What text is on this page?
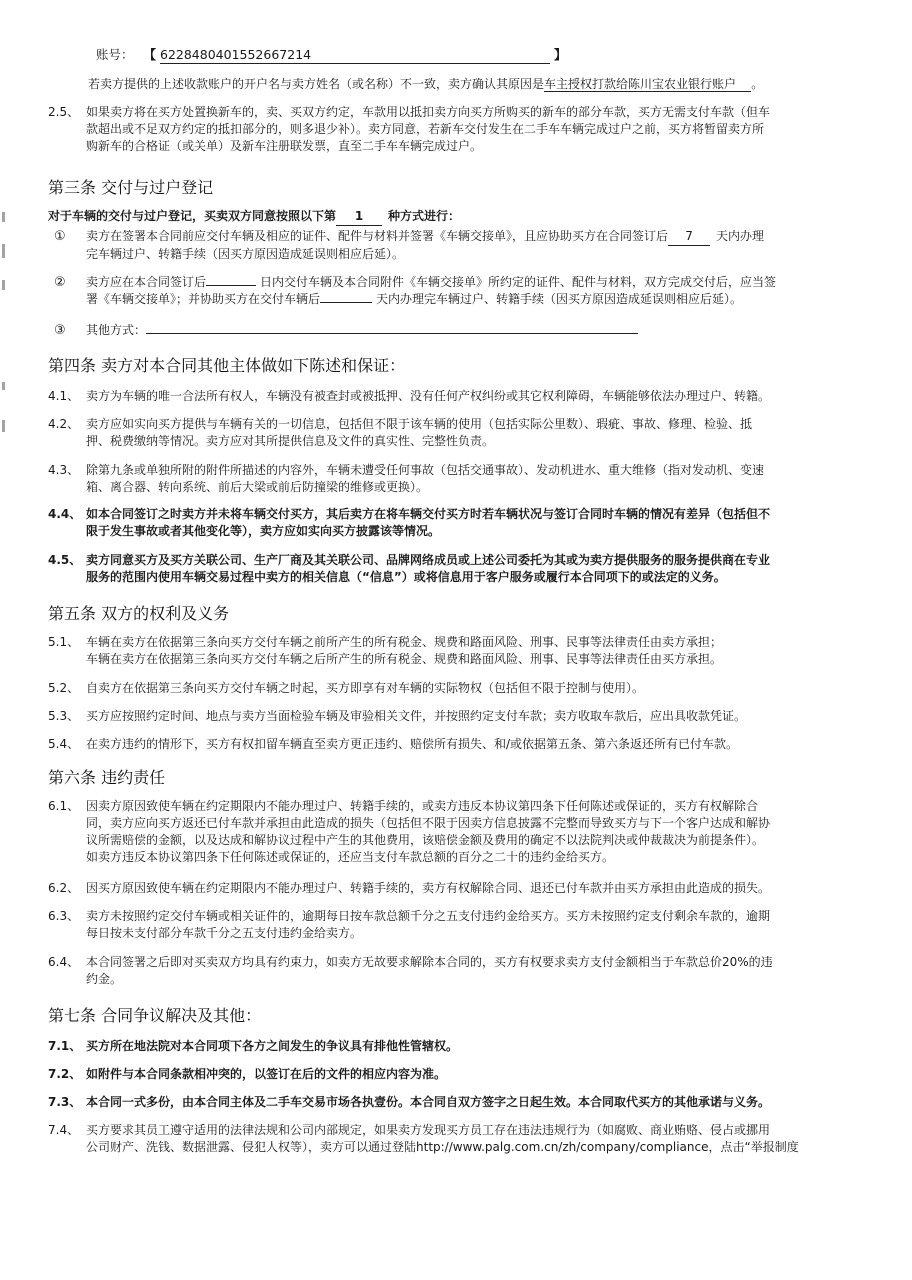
账号： 【 6228480401552667214	】
若卖方提供的上述收款账户的开户名与卖方姓名（或名称）不一致，卖方确认其原因是车主授权打款给陈川宝农业银行账户 。
2.5、 如果卖方将在买方处置换新车的，卖、买双方约定，车款用以抵扣卖方向买方所购买的新车的部分车款，买方无需支付车款（但车
款超出或不足双方约定的抵扣部分的，则多退少补）。卖方同意，若新车交付发生在二手车车辆完成过户之前，买方将暂留卖方所
购新车的合格证（或关单）及新车注册联发票，直至二手车车辆完成过户。
第三条 交付与过户登记
对于车辆的交付与过户登记，买卖双方同意按照以下第 1 种方式进行：
①	卖方在签署本合同前应交付车辆及相应的证件、配件与材料并签署《车辆交接单》，且应协助买方在合同签订后 7 天内办理
完车辆过户、转籍手续（因买方原因造成延误则相应后延）。
②	卖方应在本合同签订后	日内交付车辆及本合同附件《车辆交接单》所约定的证件、配件与材料，双方完成交付后，应当签
署《车辆交接单》；并协助买方在交付车辆后	天内办理完车辆过户、转籍手续（因买方原因造成延误则相应后延）。
③	其他方式：
第四条 卖方对本合同其他主体做如下陈述和保证：
4.1、 卖方为车辆的唯一合法所有权人，车辆没有被查封或被抵押、没有任何产权纠纷或其它权利障碍，车辆能够依法办理过户、转籍。
4.2、 卖方应如实向买方提供与车辆有关的一切信息，包括但不限于该车辆的使用（包括实际公里数）、瑕疵、事故、修理、检验、抵
押、税费缴纳等情况。卖方应对其所提供信息及文件的真实性、完整性负责。
4.3、 除第九条或单独所附的附件所描述的内容外，车辆未遭受任何事故（包括交通事故）、发动机进水、重大维修（指对发动机、变速
箱、离合器、转向系统、前后大梁或前后防撞梁的维修或更换）。
4.4、 如本合同签订之时卖方并未将车辆交付买方，其后卖方在将车辆交付买方时若车辆状况与签订合同时车辆的情况有差异（包括但不
限于发生事故或者其他变化等），卖方应如实向买方披露该等情况。
4.5、 卖方同意买方及买方关联公司、生产厂商及其关联公司、品牌网络成员或上述公司委托为其或为卖方提供服务的服务提供商在专业
服务的范围内使用车辆交易过程中卖方的相关信息（“信息”）或将信息用于客户服务或履行本合同项下的或法定的义务。
第五条 双方的权利及义务
5.1、 车辆在卖方在依据第三条向买方交付车辆之前所产生的所有税金、规费和路面风险、刑事、民事等法律责任由卖方承担；
车辆在卖方在依据第三条向买方交付车辆之后所产生的所有税金、规费和路面风险、刑事、民事等法律责任由买方承担。
5.2、 自卖方在依据第三条向买方交付车辆之时起，买方即享有对车辆的实际物权（包括但不限于控制与使用）。
5.3、 买方应按照约定时间、地点与卖方当面检验车辆及审验相关文件，并按照约定支付车款；卖方收取车款后，应出具收款凭证。
5.4、 在卖方违约的情形下，买方有权扣留车辆直至卖方更正违约、赔偿所有损失、和/或依据第五条、第六条返还所有已付车款。
第六条 违约责任
6.1、 因卖方原因致使车辆在约定期限内不能办理过户、转籍手续的，或卖方违反本协议第四条下任何陈述或保证的，买方有权解除合
同，卖方应向买方返还已付车款并承担由此造成的损失（包括但不限于因卖方信息披露不完整而导致买方与下一个客户达成和解协
议所需赔偿的金额，以及达成和解协议过程中产生的其他费用，该赔偿金额及费用的确定不以法院判决或仲裁裁决为前提条件）。
如卖方违反本协议第四条下任何陈述或保证的，还应当支付车款总额的百分之二十的违约金给买方。
6.2、 因买方原因致使车辆在约定期限内不能办理过户、转籍手续的，卖方有权解除合同、退还已付车款并由买方承担由此造成的损失。
6.3、 卖方未按照约定交付车辆或相关证件的，逾期每日按车款总额千分之五支付违约金给买方。买方未按照约定支付剩余车款的，逾期
每日按未支付部分车款千分之五支付违约金给卖方。
6.4、 本合同签署之后即对买卖双方均具有约束力，如卖方无故要求解除本合同的，买方有权要求卖方支付金额相当于车款总价20%的违
约金。
第七条 合同争议解决及其他：
7.1、 买方所在地法院对本合同项下各方之间发生的争议具有排他性管辖权。
7.2、 如附件与本合同条款相冲突的，以签订在后的文件的相应内容为准。
7.3、 本合同一式多份，由本合同主体及二手车交易市场各执壹份。本合同自双方签字之日起生效。本合同取代买方的其他承诺与义务。
7.4、 买方要求其员工遵守适用的法律法规和公司内部规定，如果卖方发现买方员工存在违法违规行为（如腐败、商业贿赂、侵占或挪用
公司财产、洗钱、数据泄露、侵犯人权等），卖方可以通过登陆http://www.palg.com.cn/zh/company/compliance，点击“举报制度
